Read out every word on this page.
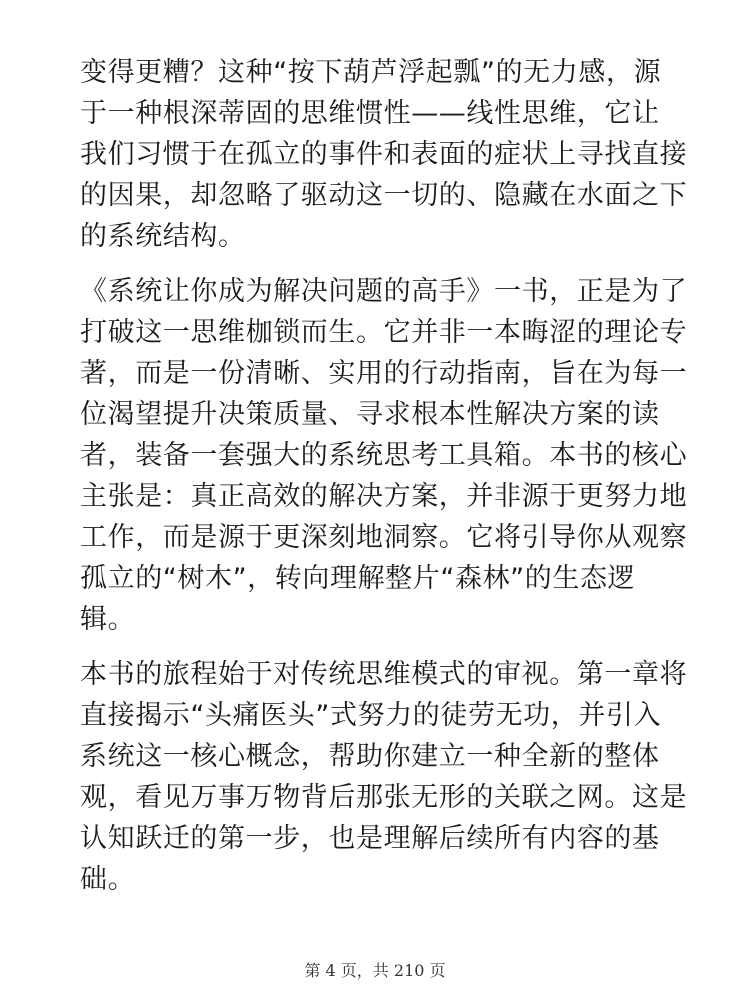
变得更糟？这种“按下葫芦浮起瓢”的无力感，源
于一种根深蒂固的思维惯性——线性思维，它让
我们习惯于在孤立的事件和表面的症状上寻找直接
的因果，却忽略了驱动这一切的、隐藏在水面之下
的系统结构。

《系统让你成为解决问题的高手》一书，正是为了
打破这一思维枷锁而生。它并非一本晦涩的理论专
著，而是一份清晰、实用的行动指南，旨在为每一
位渴望提升决策质量、寻求根本性解决方案的读
者，装备一套强大的系统思考工具箱。本书的核心
主张是：真正高效的解决方案，并非源于更努力地
工作，而是源于更深刻地洞察。它将引导你从观察
孤立的“树木”，转向理解整片“森林”的生态逻
辑。

本书的旅程始于对传统思维模式的审视。第一章将
直接揭示“头痛医头”式努力的徒劳无功，并引入
系统这一核心概念，帮助你建立一种全新的整体
观，看见万事万物背后那张无形的关联之网。这是
认知跃迁的第一步，也是理解后续所有内容的基
础。

第 4 页，共 210 页
